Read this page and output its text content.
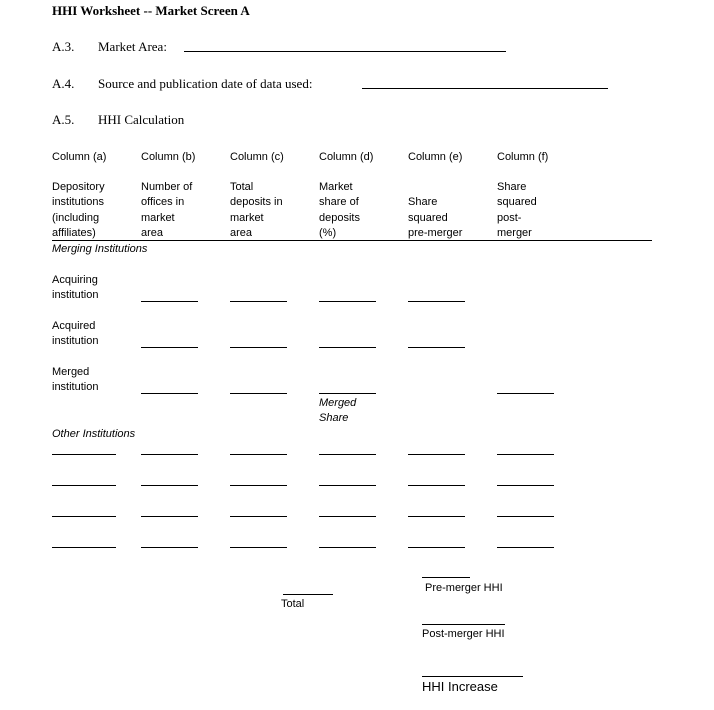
HHI Worksheet -- Market Screen A
A.3. Market Area:
A.4. Source and publication date of data used:
A.5. HHI Calculation
Column (a)
Depository
institutions
(including
affiliates)
Column (b)
Number of
offices in
market
area
Column (c)
Total
deposits in
market
area
Column (d)
Market
share of
deposits
(%)
Column (e)

Share
squared
pre-merger
Column (f)
Share
squared
post-
merger
Merging Institutions
Acquiring
institution
Acquired
institution
Merged
institution
Merged
Share
Other Institutions
Total
Pre-merger HHI
Post-merger HHI
HHI Increase
